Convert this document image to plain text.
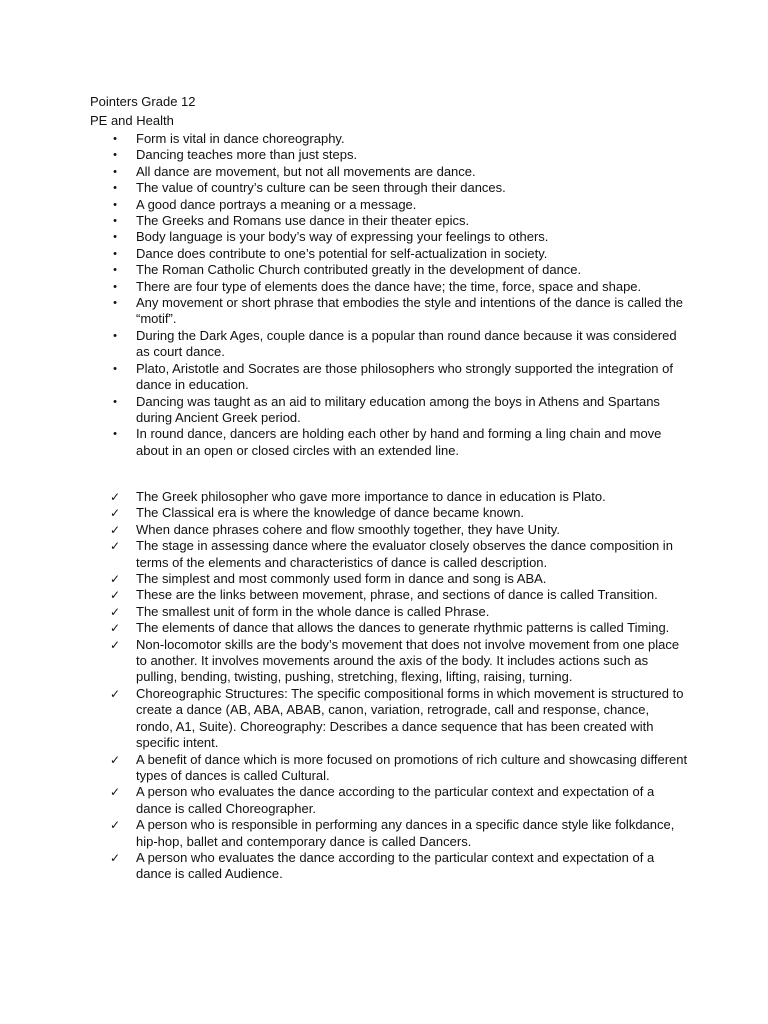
Pointers Grade 12
PE and Health
• Form is vital in dance choreography.
• Dancing teaches more than just steps.
• All dance are movement, but not all movements are dance.
• The value of country’s culture can be seen through their dances.
• A good dance portrays a meaning or a message.
• The Greeks and Romans use dance in their theater epics.
• Body language is your body’s way of expressing your feelings to others.
• Dance does contribute to one’s potential for self-actualization in society.
• The Roman Catholic Church contributed greatly in the development of dance.
• There are four type of elements does the dance have; the time, force, space and shape.
• Any movement or short phrase that embodies the style and intentions of the dance is called the “motif”.
• During the Dark Ages, couple dance is a popular than round dance because it was considered as court dance.
• Plato, Aristotle and Socrates are those philosophers who strongly supported the integration of dance in education.
• Dancing was taught as an aid to military education among the boys in Athens and Spartans during Ancient Greek period.
• In round dance, dancers are holding each other by hand and forming a ling chain and move about in an open or closed circles with an extended line.
✓	The Greek philosopher who gave more importance to dance in education is Plato.
✓	The Classical era is where the knowledge of dance became known.
✓	When dance phrases cohere and flow smoothly together, they have Unity.
✓	The stage in assessing dance where the evaluator closely observes the dance composition in terms of the elements and characteristics of dance is called description.
✓	The simplest and most commonly used form in dance and song is ABA.
✓	These are the links between movement, phrase, and sections of dance is called Transition.
✓	The smallest unit of form in the whole dance is called Phrase.
✓	The elements of dance that allows the dances to generate rhythmic patterns is called Timing.
✓	Non-locomotor skills are the body’s movement that does not involve movement from one place to another. It involves movements around the axis of the body. It includes actions such as pulling, bending, twisting, pushing, stretching, flexing, lifting, raising, turning.
✓	Choreographic Structures: The specific compositional forms in which movement is structured to create a dance (AB, ABA, ABAB, canon, variation, retrograde, call and response, chance, rondo, A1, Suite). Choreography: Describes a dance sequence that has been created with specific intent.
✓	A benefit of dance which is more focused on promotions of rich culture and showcasing different types of dances is called Cultural.
✓	A person who evaluates the dance according to the particular context and expectation of a dance is called Choreographer.
✓	A person who is responsible in performing any dances in a specific dance style like folkdance, hip-hop, ballet and contemporary dance is called Dancers.
✓	A person who evaluates the dance according to the particular context and expectation of a dance is called Audience.
